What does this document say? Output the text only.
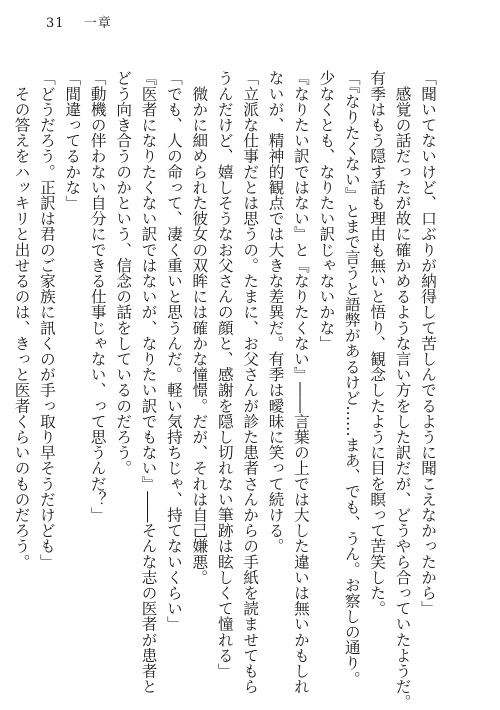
31 一章
「聞いてないけど、口ぶりが納得して苦しんでるように聞こえなかったから」
　感覚の話だったが故に確かめるような言い方をした訳だが、どうやら合っていたようだ。
有季はもう隠す話も理由も無いと悟り、観念したように目を瞑って苦笑した。
「『なりたくない』とまで言うと語弊があるけど……まあ、でも、うん。お察しの通り。
少なくとも、なりたい訳じゃないかな」
『なりたい訳ではない』と『なりたくない』――言葉の上では大した違いは無いかもしれ
ないが、精神的観点では大きな差異だ。有季は曖昧に笑って続ける。
「立派な仕事だとは思うの。たまに、お父さんが診た患者さんからの手紙を読ませてもら
うんだけど、嬉しそうなお父さんの顔と、感謝を隠し切れない筆跡は眩しくて憧れる」
　微かに細められた彼女の双眸には確かな憧憬。だが、それは自己嫌悪。
「でも、人の命って、凄く重いと思うんだ。軽い気持ちじゃ、持てないくらい」
『医者になりたくない訳ではないが、なりたい訳でもない』――そんな志の医者が患者と
どう向き合うのかという、信念の話をしているのだろう。
「動機の伴わない自分にできる仕事じゃない、って思うんだ？」
「間違ってるかな」
「どうだろう。正訳は君のご家族に訊くのが手っ取り早そうだけども」
　その答えをハッキリと出せるのは、きっと医者くらいのものだろう。
